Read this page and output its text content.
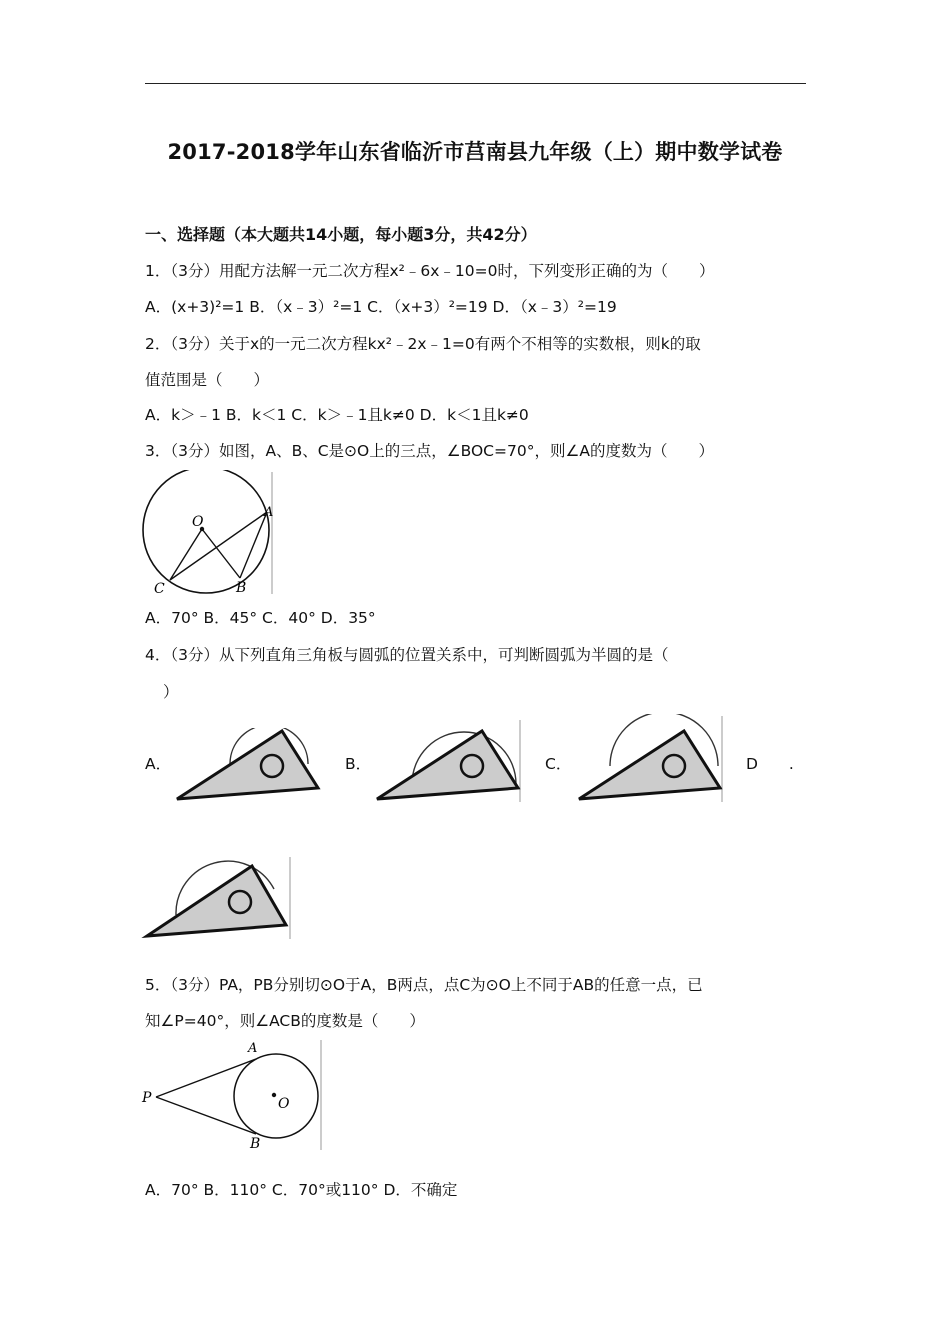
2017-2018学年山东省临沂市莒南县九年级（上）期中数学试卷
一、选择题（本大题共14小题，每小题3分，共42分）
1．（3分）用配方法解一元二次方程x²﹣6x﹣10=0时，下列变形正确的为（　　）
A．(x+3)²=1 B．（x﹣3）²=1 C．（x+3）²=19 D．（x﹣3）²=19
2．（3分）关于x的一元二次方程kx²﹣2x﹣1=0有两个不相等的实数根，则k的取
值范围是（　　）
A．k＞﹣1 B．k＜1 C．k＞﹣1且k≠0 D．k＜1且k≠0
3．（3分）如图，A、B、C是⊙O上的三点，∠BOC=70°，则∠A的度数为（　　）
O
A
B
C
A．70° B．45° C．40° D．35°
4．（3分）从下列直角三角板与圆弧的位置关系中，可判断圆弧为半圆的是（
）
A．	B．	C．	D　　.
5．（3分）PA，PB分别切⊙O于A，B两点，点C为⊙O上不同于AB的任意一点，已
知∠P=40°，则∠ACB的度数是（　　）
P
A
B
O
A．70° B．110° C．70°或110° D．不确定
